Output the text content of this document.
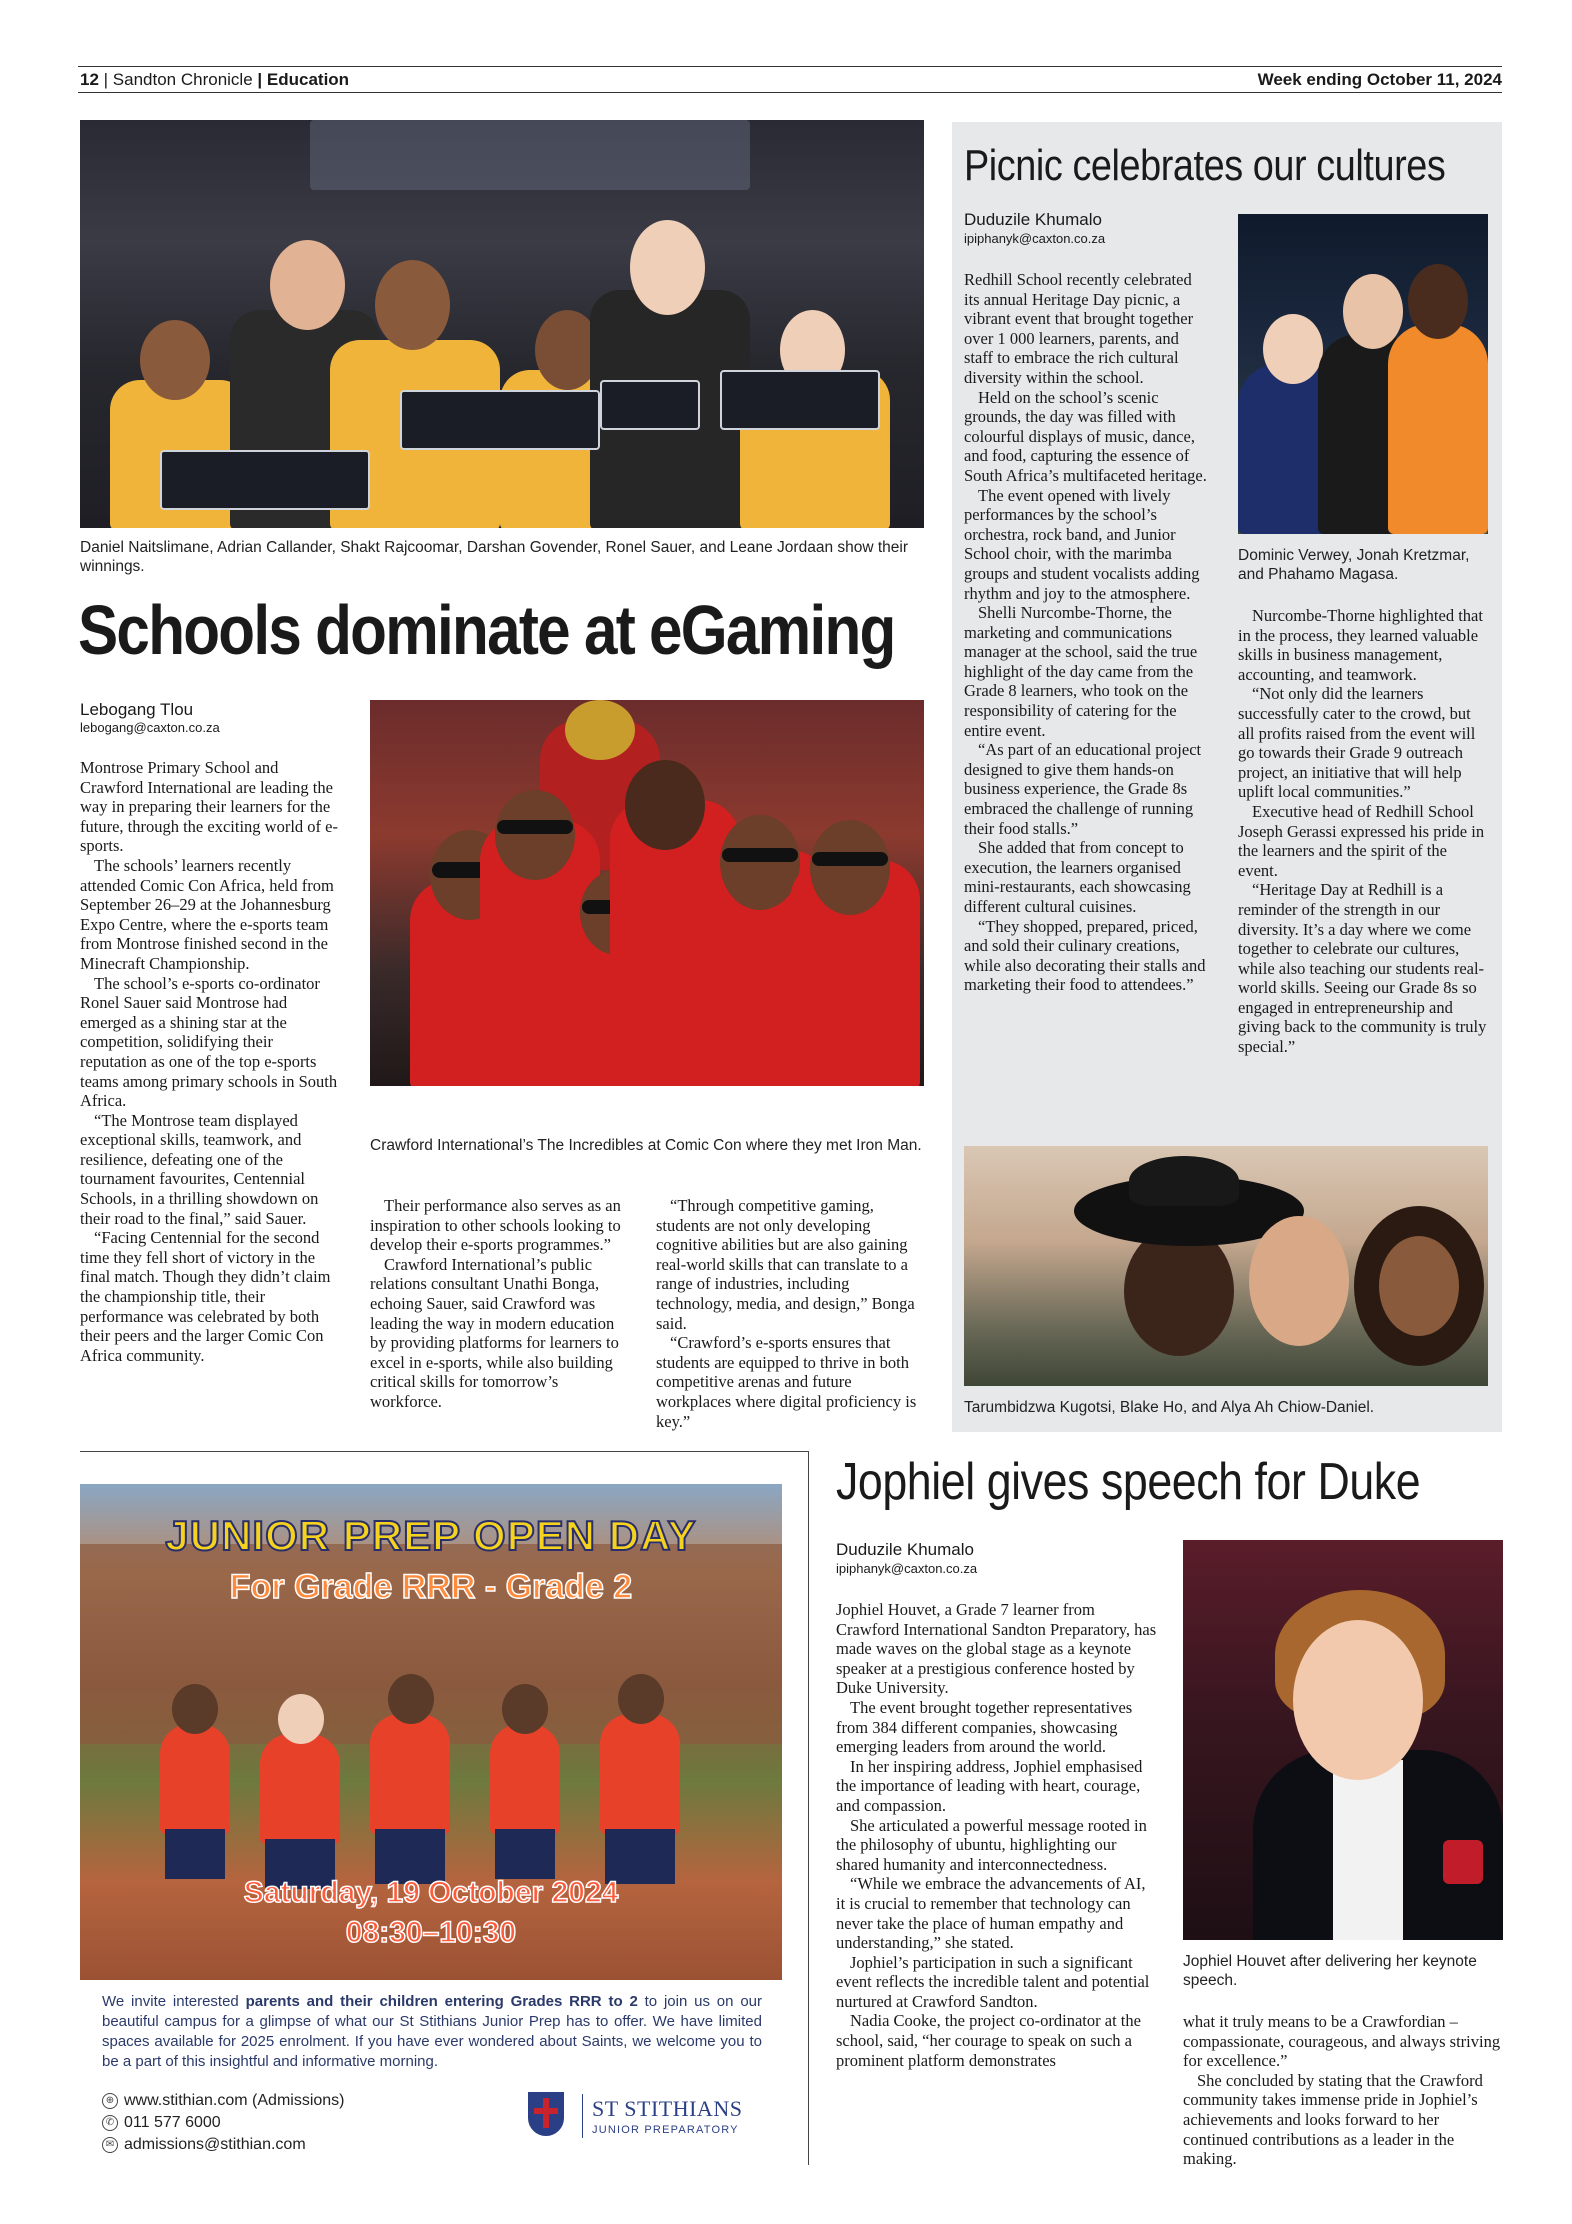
12 | Sandton Chronicle | Education	Week ending October 11, 2024
Daniel Naitslimane, Adrian Callander, Shakt Rajcoomar, Darshan Govender, Ronel Sauer, and Leane Jordaan show their winnings.
Schools dominate at eGaming
Lebogang Tlou
lebogang@caxton.co.za

Montrose Primary School and Crawford International are leading the way in preparing their learners for the future, through the exciting world of e-sports.

The schools’ learners recently attended Comic Con Africa, held from September 26–29 at the Johannesburg Expo Centre, where the e-sports team from Montrose finished second in the Minecraft Championship.

The school’s e-sports co-ordinator Ronel Sauer said Montrose had emerged as a shining star at the competition, solidifying their reputation as one of the top e-sports teams among primary schools in South Africa.

“The Montrose team displayed exceptional skills, teamwork, and resilience, defeating one of the tournament favourites, Centennial Schools, in a thrilling showdown on their road to the final,” said Sauer.

“Facing Centennial for the second time they fell short of victory in the final match. Though they didn’t claim the championship title, their performance was celebrated by both their peers and the larger Comic Con Africa community.

Crawford International’s The Incredibles at Comic Con where they met Iron Man.

Their performance also serves as an inspiration to other schools looking to develop their e-sports programmes.”

Crawford International’s public relations consultant Unathi Bonga, echoing Sauer, said Crawford was leading the way in modern education by providing platforms for learners to excel in e-sports, while also building critical skills for tomorrow’s workforce.

“Through competitive gaming, students are not only developing cognitive abilities but are also gaining real-world skills that can translate to a range of industries, including technology, media, and design,” Bonga said.

“Crawford’s e-sports ensures that students are equipped to thrive in both competitive arenas and future workplaces where digital proficiency is key.”

Picnic celebrates our cultures
Duduzile Khumalo
ipiphanyk@caxton.co.za

Redhill School recently celebrated its annual Heritage Day picnic, a vibrant event that brought together over 1 000 learners, parents, and staff to embrace the rich cultural diversity within the school.

Held on the school’s scenic grounds, the day was filled with colourful displays of music, dance, and food, capturing the essence of South Africa’s multifaceted heritage.

The event opened with lively performances by the school’s orchestra, rock band, and Junior School choir, with the marimba groups and student vocalists adding rhythm and joy to the atmosphere.

Shelli Nurcombe-Thorne, the marketing and communications manager at the school, said the true highlight of the day came from the Grade 8 learners, who took on the responsibility of catering for the entire event.

“As part of an educational project designed to give them hands-on business experience, the Grade 8s embraced the challenge of running their food stalls.”

She added that from concept to execution, the learners organised mini-restaurants, each showcasing different cultural cuisines.

“They shopped, prepared, priced, and sold their culinary creations, while also decorating their stalls and marketing their food to attendees.”

Dominic Verwey, Jonah Kretzmar, and Phahamo Magasa.

Nurcombe-Thorne highlighted that in the process, they learned valuable skills in business management, accounting, and teamwork.

“Not only did the learners successfully cater to the crowd, but all profits raised from the event will go towards their Grade 9 outreach project, an initiative that will help uplift local communities.”

Executive head of Redhill School Joseph Gerassi expressed his pride in the learners and the spirit of the event.

“Heritage Day at Redhill is a reminder of the strength in our diversity. It’s a day where we come together to celebrate our cultures, while also teaching our students real-world skills. Seeing our Grade 8s so engaged in entrepreneurship and giving back to the community is truly special.”

Tarumbidzwa Kugotsi, Blake Ho, and Alya Ah Chiow-Daniel.
JUNIOR PREP OPEN DAY
For Grade RRR - Grade 2
Saturday, 19 October 2024
08:30–10:30
We invite interested parents and their children entering Grades RRR to 2 to join us on our beautiful campus for a glimpse of what our St Stithians Junior Prep has to offer. We have limited spaces available for 2025 enrolment. If you have ever wondered about Saints, we welcome you to be a part of this insightful and informative morning.
⊕ www.stithian.com (Admissions)
✆ 011 577 6000
✉ admissions@stithian.com
ST STITHIANS
JUNIOR PREPARATORY
Jophiel gives speech for Duke
Duduzile Khumalo
ipiphanyk@caxton.co.za

Jophiel Houvet, a Grade 7 learner from Crawford International Sandton Preparatory, has made waves on the global stage as a keynote speaker at a prestigious conference hosted by Duke University.

The event brought together representatives from 384 different companies, showcasing emerging leaders from around the world.

In her inspiring address, Jophiel emphasised the importance of leading with heart, courage, and compassion.

She articulated a powerful message rooted in the philosophy of ubuntu, highlighting our shared humanity and interconnectedness.

“While we embrace the advancements of AI, it is crucial to remember that technology can never take the place of human empathy and understanding,” she stated.

Jophiel’s participation in such a significant event reflects the incredible talent and potential nurtured at Crawford Sandton.

Nadia Cooke, the project co-ordinator at the school, said, “her courage to speak on such a prominent platform demonstrates

Jophiel Houvet after delivering her keynote speech.

what it truly means to be a Crawfordian – compassionate, courageous, and always striving for excellence.”

She concluded by stating that the Crawford community takes immense pride in Jophiel’s achievements and looks forward to her continued contributions as a leader in the making.
